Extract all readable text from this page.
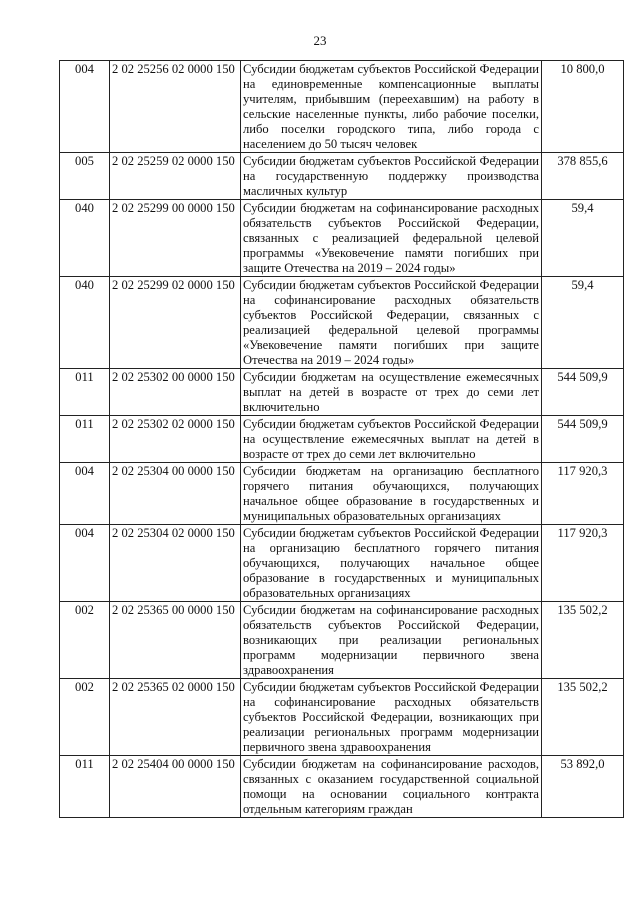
23
004	2 02 25256 02 0000 150	Субсидии бюджетам субъектов Российской Федерации на единовременные компенсационные выплаты учителям, прибывшим (переехавшим) на работу в сельские населенные пункты, либо рабочие поселки, либо поселки городского типа, либо города с населением до 50 тысяч человек	10 800,0
005	2 02 25259 02 0000 150	Субсидии бюджетам субъектов Российской Федерации на государственную поддержку производства масличных культур	378 855,6
040	2 02 25299 00 0000 150	Субсидии бюджетам на софинансирование расходных обязательств субъектов Российской Федерации, связанных с реализацией федеральной целевой программы «Увековечение памяти погибших при защите Отечества на 2019 – 2024 годы»	59,4
040	2 02 25299 02 0000 150	Субсидии бюджетам субъектов Российской Федерации на софинансирование расходных обязательств субъектов Российской Федерации, связанных с реализацией федеральной целевой программы «Увековечение памяти погибших при защите Отечества на 2019 – 2024 годы»	59,4
011	2 02 25302 00 0000 150	Субсидии бюджетам на осуществление ежемесячных выплат на детей в возрасте от трех до семи лет включительно	544 509,9
011	2 02 25302 02 0000 150	Субсидии бюджетам субъектов Российской Федерации на осуществление ежемесячных выплат на детей в возрасте от трех до семи лет включительно	544 509,9
004	2 02 25304 00 0000 150	Субсидии бюджетам на организацию бесплатного горячего питания обучающихся, получающих начальное общее образование в государственных и муниципальных образовательных организациях	117 920,3
004	2 02 25304 02 0000 150	Субсидии бюджетам субъектов Российской Федерации на организацию бесплатного горячего питания обучающихся, получающих начальное общее образование в государственных и муниципальных образовательных организациях	117 920,3
002	2 02 25365 00 0000 150	Субсидии бюджетам на софинансирование расходных обязательств субъектов Российской Федерации, возникающих при реализации региональных программ модернизации первичного звена здравоохранения	135 502,2
002	2 02 25365 02 0000 150	Субсидии бюджетам субъектов Российской Федерации на софинансирование расходных обязательств субъектов Российской Федерации, возникающих при реализации региональных программ модернизации первичного звена здравоохранения	135 502,2
011	2 02 25404 00 0000 150	Субсидии бюджетам на софинансирование расходов, связанных с оказанием государственной социальной помощи на основании социального контракта отдельным категориям граждан	53 892,0
